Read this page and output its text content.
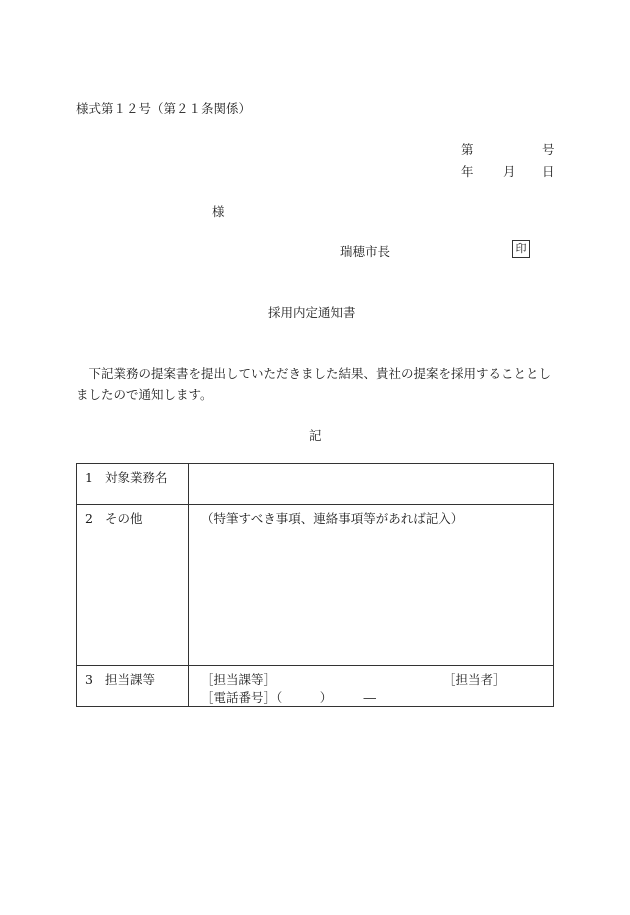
様式第１２号（第２１条関係）
第	号
年 月 日
様
瑞穂市長	印
採用内定通知書
下記業務の提案書を提出していただきました結果、貴社の提案を採用することとしましたので通知します。
記
1 対象業務名	

2 その他	（特筆すべき事項、連絡事項等があれば記入）

3 担当課等	［担当課等］ ［担当者］
［電話番号］（　　　）　　　―
